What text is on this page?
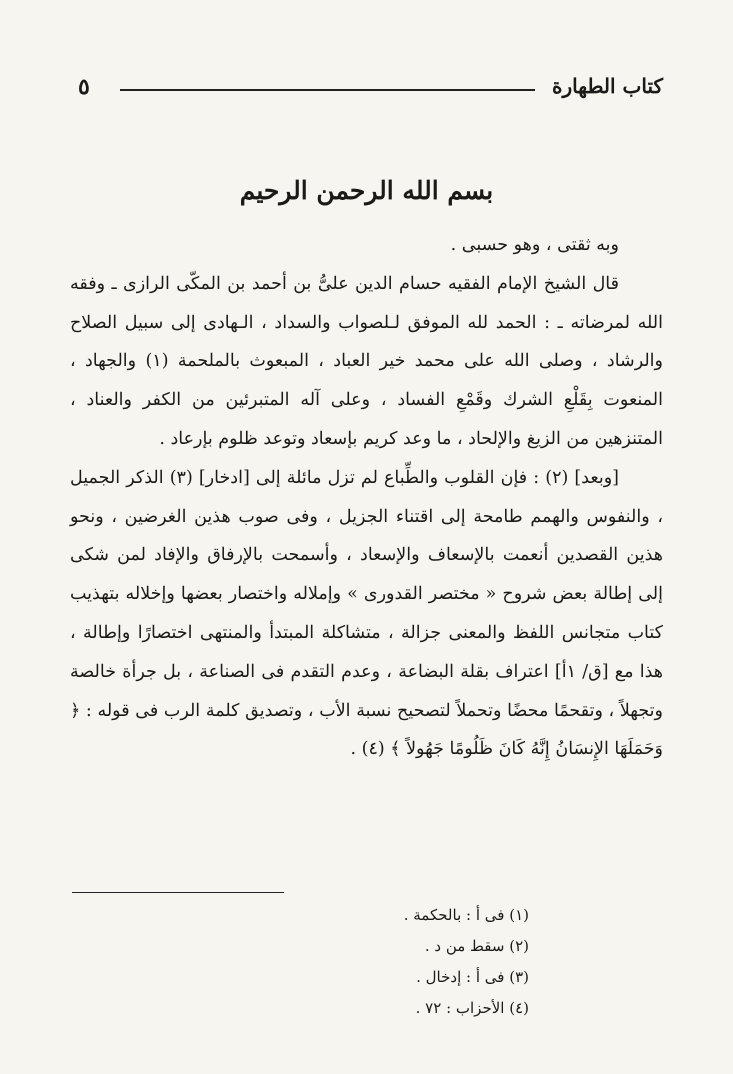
كتاب الطهارة
٥
بسم الله الرحمن الرحيم

وبه ثقتى ، وهو حسبى .

قال الشيخ الإمام الفقيه حسام الدين علىُّ بن أحمد بن المكّى الرازى ـ وفقه الله لمرضاته ـ : الحمد لله الموفق لـلصواب والسداد ، الـهادى إلى سبيل الصلاح والرشاد ، وصلى الله على محمد خير العباد ، المبعوث بالملحمة (١) والجهاد ، المنعوت بِقَلْعِ الشرك وقَمْعِ الفساد ، وعلى آله المتبرئين من الكفر والعناد ، المتنزهين من الزيغ والإلحاد ، ما وعد كريم بإسعاد وتوعد ظلوم بإرعاد .

[وبعد] (٢) : فإن القلوب والطِّباع لم تزل مائلة إلى [ادخار] (٣) الذكر الجميل ، والنفوس والهمم طامحة إلى اقتناء الجزيل ، وفى صوب هذين الغرضين ، ونحو هذين القصدين أنعمت بالإسعاف والإسعاد ، وأسمحت بالإرفاق والإفاد لمن شكى إلى إطالة بعض شروح « مختصر القدورى » وإملاله واختصار بعضها وإخلاله بتهذيب كتاب متجانس اللفظ والمعنى جزالة ، متشاكلة المبتدأ والمنتهى اختصارًا وإطالة ، هذا مع [ق/ ١أ] اعتراف بقلة البضاعة ، وعدم التقدم فى الصناعة ، بل جرأة خالصة وتجهلاً ، وتقحمًا محضًا وتحملاً لتصحيح نسبة الأب ، وتصديق كلمة الرب فى قوله : ﴿ وَحَمَلَهَا الإِنسَانُ إِنَّهُ كَانَ ظَلُومًا جَهُولاً ﴾ (٤) .

(١) فى أ : بالحكمة .
(٢) سقط من د .
(٣) فى أ : إدخال .
(٤) الأحزاب : ٧٢ .
